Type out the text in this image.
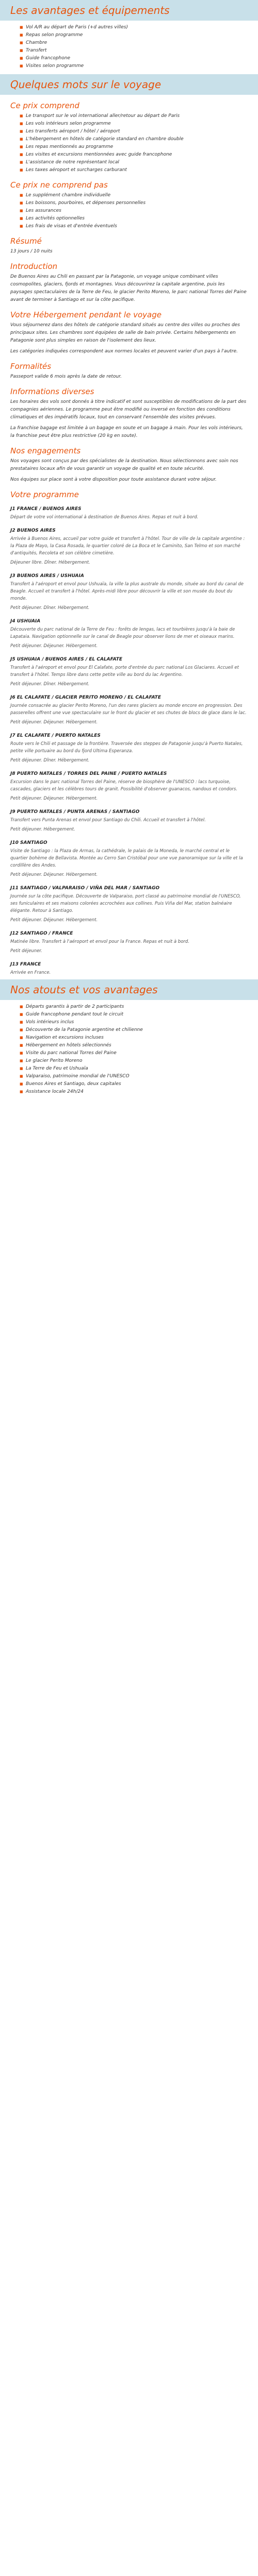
Les avantages et équipements
■ Vol A/R au départ de Paris (+d autres villes)
■ Repas selon programme
■ Chambre
■ Transfert
■ Guide francophone
■ Visites selon programme
Quelques mots sur le voyage
Ce prix comprend
■ Le transport sur le vol international aller/retour au départ de Paris
■ Les vols intérieurs selon programme
■ Les transferts aéroport / hôtel / aéroport
■ L'hébergement en hôtels de catégorie standard en chambre double
■ Les repas mentionnés au programme
■ Les visites et excursions mentionnées avec guide francophone
■ L'assistance de notre représentant local
■ Les taxes aéroport et surcharges carburant
Ce prix ne comprend pas
■ Le supplément chambre individuelle
■ Les boissons, pourboires, et dépenses personnelles
■ Les assurances
■ Les activités optionnelles
■ Les frais de visas et d'entrée éventuels
Résumé

13 jours / 10 nuits

Introduction

De Buenos Aires au Chili en passant par la Patagonie, un voyage unique combinant villes cosmopolites, glaciers, fjords et montagnes. Vous découvrirez la capitale argentine, puis les paysages spectaculaires de la Terre de Feu, le glacier Perito Moreno, le parc national Torres del Paine avant de terminer à Santiago et sur la côte pacifique.

Votre Hébergement pendant le voyage

Vous séjournerez dans des hôtels de catégorie standard situés au centre des villes ou proches des principaux sites. Les chambres sont équipées de salle de bain privée. Certains hébergements en Patagonie sont plus simples en raison de l'isolement des lieux.

Les catégories indiquées correspondent aux normes locales et peuvent varier d'un pays à l'autre.

Formalités

Passeport valide 6 mois après la date de retour.

Informations diverses

Les horaires des vols sont donnés à titre indicatif et sont susceptibles de modifications de la part des compagnies aériennes. Le programme peut être modifié ou inversé en fonction des conditions climatiques et des impératifs locaux, tout en conservant l'ensemble des visites prévues.

La franchise bagage est limitée à un bagage en soute et un bagage à main. Pour les vols intérieurs, la franchise peut être plus restrictive (20 kg en soute).

Nos engagements

Nos voyages sont conçus par des spécialistes de la destination. Nous sélectionnons avec soin nos prestataires locaux afin de vous garantir un voyage de qualité et en toute sécurité.

Nos équipes sur place sont à votre disposition pour toute assistance durant votre séjour.

Votre programme
J1 FRANCE / BUENOS AIRES
Départ de votre vol international à destination de Buenos Aires. Repas et nuit à bord.
J2 BUENOS AIRES
Arrivée à Buenos Aires, accueil par votre guide et transfert à l'hôtel. Tour de ville de la capitale argentine : la Plaza de Mayo, la Casa Rosada, le quartier coloré de La Boca et le Caminito, San Telmo et son marché d'antiquités, Recoleta et son célèbre cimetière.
Déjeuner libre. Dîner. Hébergement.
J3 BUENOS AIRES / USHUAIA
Transfert à l'aéroport et envol pour Ushuaïa, la ville la plus australe du monde, située au bord du canal de Beagle. Accueil et transfert à l'hôtel. Après-midi libre pour découvrir la ville et son musée du bout du monde.
Petit déjeuner. Dîner. Hébergement.
J4 USHUAIA
Découverte du parc national de la Terre de Feu : forêts de lengas, lacs et tourbières jusqu'à la baie de Lapataia. Navigation optionnelle sur le canal de Beagle pour observer lions de mer et oiseaux marins.
Petit déjeuner. Déjeuner. Hébergement.
J5 USHUAIA / BUENOS AIRES / EL CALAFATE
Transfert à l'aéroport et envol pour El Calafate, porte d'entrée du parc national Los Glaciares. Accueil et transfert à l'hôtel. Temps libre dans cette petite ville au bord du lac Argentino.
Petit déjeuner. Dîner. Hébergement.
J6 EL CALAFATE / GLACIER PERITO MORENO / EL CALAFATE
Journée consacrée au glacier Perito Moreno, l'un des rares glaciers au monde encore en progression. Des passerelles offrent une vue spectaculaire sur le front du glacier et ses chutes de blocs de glace dans le lac.
Petit déjeuner. Déjeuner. Hébergement.
J7 EL CALAFATE / PUERTO NATALES
Route vers le Chili et passage de la frontière. Traversée des steppes de Patagonie jusqu'à Puerto Natales, petite ville portuaire au bord du fjord Ultima Esperanza.
Petit déjeuner. Dîner. Hébergement.
J8 PUERTO NATALES / TORRES DEL PAINE / PUERTO NATALES
Excursion dans le parc national Torres del Paine, réserve de biosphère de l'UNESCO : lacs turquoise, cascades, glaciers et les célèbres tours de granit. Possibilité d'observer guanacos, nandous et condors.
Petit déjeuner. Déjeuner. Hébergement.
J9 PUERTO NATALES / PUNTA ARENAS / SANTIAGO
Transfert vers Punta Arenas et envol pour Santiago du Chili. Accueil et transfert à l'hôtel.
Petit déjeuner. Hébergement.
J10 SANTIAGO
Visite de Santiago : la Plaza de Armas, la cathédrale, le palais de la Moneda, le marché central et le quartier bohème de Bellavista. Montée au Cerro San Cristóbal pour une vue panoramique sur la ville et la cordillère des Andes.
Petit déjeuner. Déjeuner. Hébergement.
J11 SANTIAGO / VALPARAISO / VIÑA DEL MAR / SANTIAGO
Journée sur la côte pacifique. Découverte de Valparaiso, port classé au patrimoine mondial de l'UNESCO, ses funiculaires et ses maisons colorées accrochées aux collines. Puis Viña del Mar, station balnéaire élégante. Retour à Santiago.
Petit déjeuner. Déjeuner. Hébergement.
J12 SANTIAGO / FRANCE
Matinée libre. Transfert à l'aéroport et envol pour la France. Repas et nuit à bord.
Petit déjeuner.
J13 FRANCE
Arrivée en France.
Nos atouts et vos avantages
■ Départs garantis à partir de 2 participants
■ Guide francophone pendant tout le circuit
■ Vols intérieurs inclus
■ Découverte de la Patagonie argentine et chilienne
■ Navigation et excursions incluses
■ Hébergement en hôtels sélectionnés
■ Visite du parc national Torres del Paine
■ Le glacier Perito Moreno
■ La Terre de Feu et Ushuaïa
■ Valparaiso, patrimoine mondial de l'UNESCO
■ Buenos Aires et Santiago, deux capitales
■ Assistance locale 24h/24
